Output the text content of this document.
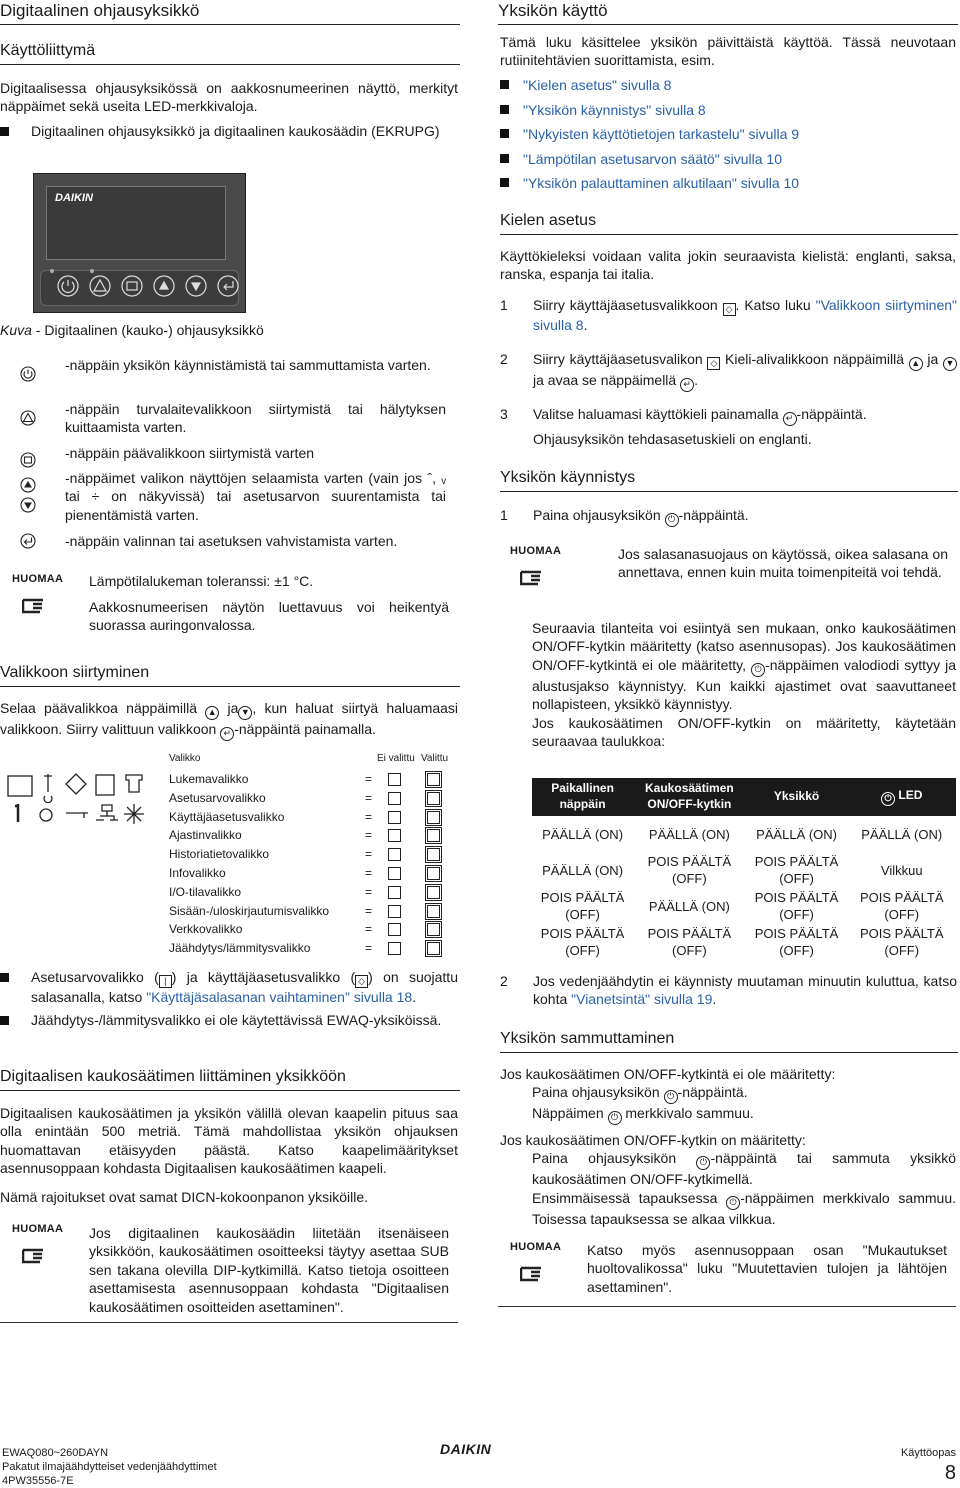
Digitaalinen ohjausyksikkö
Käyttöliittymä

Digitaalisessa ohjausyksikössä on aakkosnumeerinen näyttö, merkityt näppäimet sekä useita LED-merkkivaloja.

Digitaalinen ohjausyksikkö ja digitaalinen kaukosäädin (EKRUPG)
DAIKIN
Kuva - Digitaalinen (kauko-) ohjausyksikkö

-näppäin yksikön käynnistämistä tai sammuttamista varten.

-näppäin turvalaitevalikkoon siirtymistä tai hälytyksen kuittaamista varten.

-näppäin päävalikkoon siirtymistä varten

-näppäimet valikon näyttöjen selaamista varten (vain jos ˆ, ᵥ tai ÷ on näkyvissä) tai asetusarvon suurentamista tai pienentämistä varten.

-näppäin valinnan tai asetuksen vahvistamista varten.

HUOMAA Lämpötilalukeman toleranssi: ±1 °C.
Aakkosnumeerisen näytön luettavuus voi heikentyä suorassa auringonvalossa.
Valikkoon siirtyminen

Selaa päävalikkoa näppäimillä ▲ ja ▼ , kun haluat siirtyä haluamaasi valikkoon. Siirry valittuun valikkoon ↵ -näppäintä painamalla.

Valikko	Ei valittu Valittu
Lukemavalikko	=
Asetusarvovalikko	=
Käyttäjäasetusvalikko	=
Ajastinvalikko	=
Historiatietovalikko	=
Infovalikko	=
I/O-tilavalikko	=
Sisään-/uloskirjautumisvalikko	=
Verkkovalikko	=
Jäähdytys/lämmitysvalikko	=
Asetusarvovalikko ( | ) ja käyttäjäasetusvalikko ( ◇ ) on suojattu salasanalla, katso "Käyttäjäsalasanan vaihtaminen" sivulla 18.
Jäähdytys-/lämmitysvalikko ei ole käytettävissä EWAQ-yksiköissä.
Digitaalisen kaukosäätimen liittäminen yksikköön

Digitaalisen kaukosäätimen ja yksikön välillä olevan kaapelin pituus saa olla enintään 500 metriä. Tämä mahdollistaa yksikön ohjauksen huomattavan etäisyyden päästä. Katso kaapelimääritykset asennusoppaan kohdasta Digitaalisen kaukosäätimen kaapeli.

Nämä rajoitukset ovat samat DICN-kokoonpanon yksiköille.

HUOMAA Jos digitaalinen kaukosäädin liitetään itsenäiseen yksikköön, kaukosäätimen osoitteeksi täytyy asettaa SUB sen takana olevilla DIP-kytkimillä. Katso tietoja osoitteen asettamisesta asennusoppaan kohdasta "Digitaalisen kaukosäätimen osoitteiden asettaminen".
Yksikön käyttö

Tämä luku käsittelee yksikön päivittäistä käyttöä. Tässä neuvotaan rutiinitehtävien suorittamista, esim.

"Kielen asetus" sivulla 8
"Yksikön käynnistys" sivulla 8
"Nykyisten käyttötietojen tarkastelu" sivulla 9
"Lämpötilan asetusarvon säätö" sivulla 10
"Yksikön palauttaminen alkutilaan" sivulla 10
Kielen asetus

Käyttökieleksi voidaan valita jokin seuraavista kielistä: englanti, saksa, ranska, espanja tai italia.

1 Siirry käyttäjäasetusvalikkoon ◇ . Katso luku "Valikkoon siirtyminen" sivulla 8.
2 Siirry käyttäjäasetusvalikon ◇ Kieli-alivalikkoon näppäimillä ▲ ja ▼ ja avaa se näppäimellä ↵ .
3 Valitse haluamasi käyttökieli painamalla ↵ -näppäintä.
Ohjausyksikön tehdasasetuskieli on englanti.
Yksikön käynnistys
1 Paina ohjausyksikön ⏻ -näppäintä.
HUOMAA	Jos salasanasuojaus on käytössä, oikea salasana on annettava, ennen kuin muita toimenpiteitä voi tehdä.

Seuraavia tilanteita voi esiintyä sen mukaan, onko kaukosäätimen ON/OFF-kytkin määritetty (katso asennusopas). Jos kaukosäätimen ON/OFF-kytkintä ei ole määritetty, ⏻ -näppäimen valodiodi syttyy ja alustusjakso käynnistyy. Kun kaikki ajastimet ovat saavuttaneet nollapisteen, yksikkö käynnistyy.
Jos kaukosäätimen ON/OFF-kytkin on määritetty, käytetään seuraavaa taulukkoa:

Paikallinen näppäin	Kaukosäätimen ON/OFF-kytkin	Yksikkö	⏻ LED
PÄÄLLÄ (ON)	PÄÄLLÄ (ON)	PÄÄLLÄ (ON)	PÄÄLLÄ (ON)
PÄÄLLÄ (ON)	POIS PÄÄLTÄ (OFF)	POIS PÄÄLTÄ (OFF)	Vilkkuu
POIS PÄÄLTÄ (OFF)	PÄÄLLÄ (ON)	POIS PÄÄLTÄ (OFF)	POIS PÄÄLTÄ (OFF)
POIS PÄÄLTÄ (OFF)	POIS PÄÄLTÄ (OFF)	POIS PÄÄLTÄ (OFF)	POIS PÄÄLTÄ (OFF)
2 Jos vedenjäähdytin ei käynnisty muutaman minuutin kuluttua, katso kohta "Vianetsintä" sivulla 19.
Yksikön sammuttaminen
Jos kaukosäätimen ON/OFF-kytkintä ei ole määritetty:
Paina ohjausyksikön ⏻ -näppäintä.
Näppäimen ⏻ merkkivalo sammuu.
Jos kaukosäätimen ON/OFF-kytkin on määritetty:
Paina ohjausyksikön	⏻ -näppäintä tai sammuta yksikkö kaukosäätimen ON/OFF-kytkimellä.
Ensimmäisessä tapauksessa ⏻ -näppäimen merkkivalo sammuu. Toisessa tapauksessa se alkaa vilkkua.
HUOMAA Katso myös asennusoppaan osan "Mukautukset huoltovalikossa" luku "Muutettavien tulojen ja lähtöjen asettaminen".
EWAQ080~260DAYN
Pakatut ilmajäähdytteiset vedenjäähdyttimet
4PW35556-7E
DAIKIN	Käyttöopas
8
